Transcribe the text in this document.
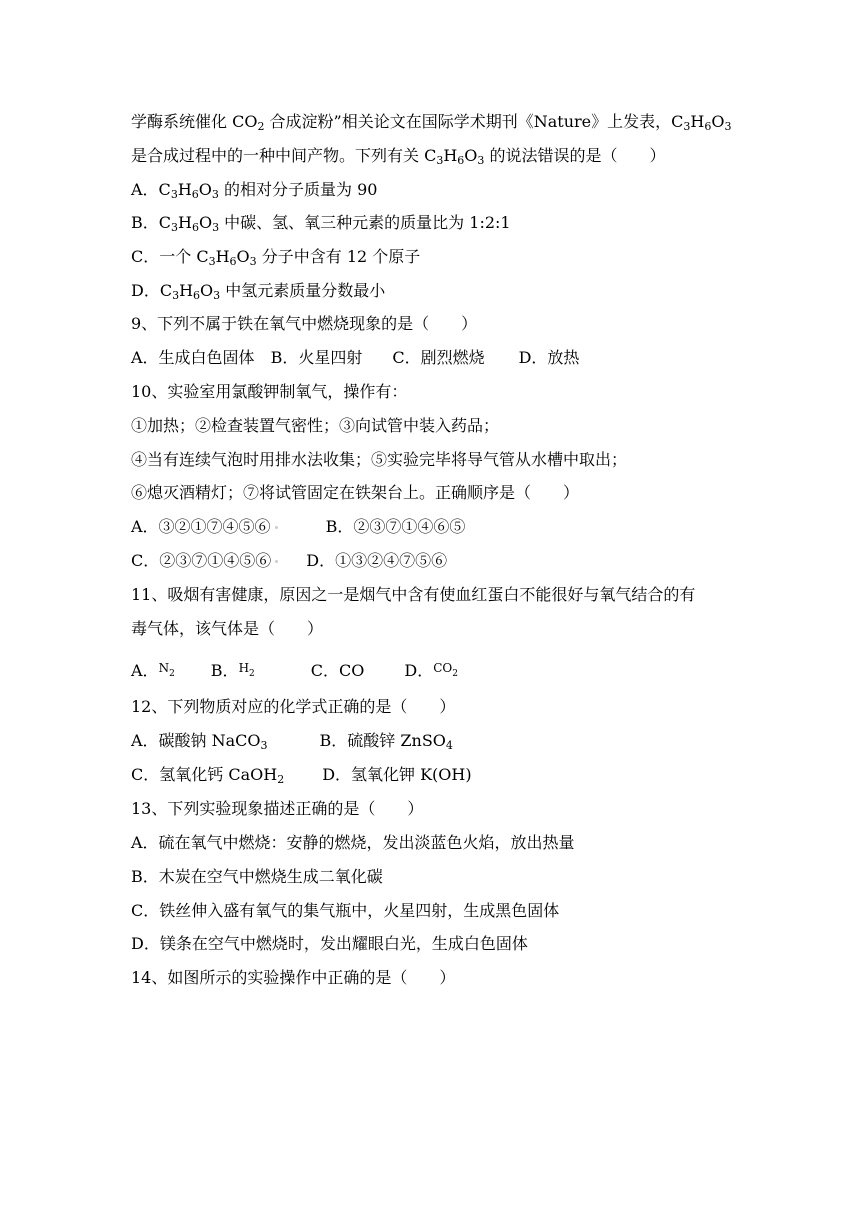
学酶系统催化 $CO_2$ 合成淀粉”相关论文在国际学术期刊《Nature》上发表，$C_3H_6O_3$
是合成过程中的一种中间产物。下列有关 $C_3H_6O_3$ 的说法错误的是（　　）
A．$C_3H_6O_3$ 的相对分子质量为 90
B．$C_3H_6O_3$ 中碳、氢、氧三种元素的质量比为 1:2:1
C．一个 $C_3H_6O_3$ 分子中含有 12 个原子
D．$C_3H_6O_3$ 中氢元素质量分数最小
9、下列不属于铁在氧气中燃烧现象的是（　　）
A．生成白色固体 B．火星四射 C．剧烈燃烧 D．放热
10、实验室用氯酸钾制氧气，操作有：
①加热；②检查装置气密性；③向试管中装入药品；
④当有连续气泡时用排水法收集；⑤实验完毕将导气管从水槽中取出；
⑥熄灭酒精灯；⑦将试管固定在铁架台上。正确顺序是（　　）
A．③②①⑦④⑤⑥	B．②③⑦①④⑥⑤
C．②③⑦①④⑤⑥ D．①③②④⑦⑤⑥
11、吸烟有害健康，原因之一是烟气中含有使血红蛋白不能很好与氧气结合的有
毒气体，该气体是（　　）
A．$^{N_2}$ B．$^{H_2}$	C．CO	D．$^{CO_2}$
12、下列物质对应的化学式正确的是（　　）
A．碳酸钠 NaCO$_3$	B．硫酸锌 ZnSO$_4$
C．氢氧化钙 CaOH$_2$ D．氢氧化钾 K(OH)
13、下列实验现象描述正确的是（　　）
A．硫在氧气中燃烧：安静的燃烧，发出淡蓝色火焰，放出热量
B．木炭在空气中燃烧生成二氧化碳
C．铁丝伸入盛有氧气的集气瓶中，火星四射，生成黑色固体
D．镁条在空气中燃烧时，发出耀眼白光，生成白色固体
14、如图所示的实验操作中正确的是（　　）
